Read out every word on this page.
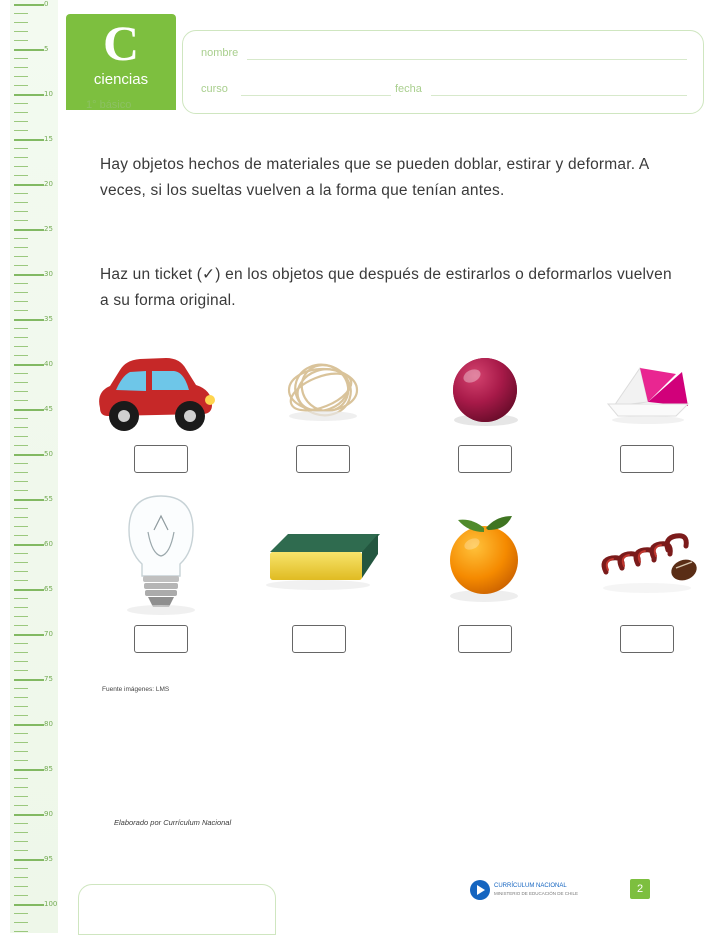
0
5
10
15
20
25
30
35
40
45
50
55
60
65
70
75
80
85
90
95
100
C
ciencias
1° básico
nombre
curso	fecha
Hay objetos hechos de materiales que se pueden doblar, estirar y deformar. A veces, si los sueltas vuelven a la forma que tenían antes.
Haz un ticket (✓) en los objetos que después de estirarlos o deformarlos vuelven a su forma original.
Fuente imágenes: LMS
Elaborado por Currículum Nacional
CURRÍCULUM NACIONAL
MINISTERIO DE EDUCACIÓN DE CHILE	2
